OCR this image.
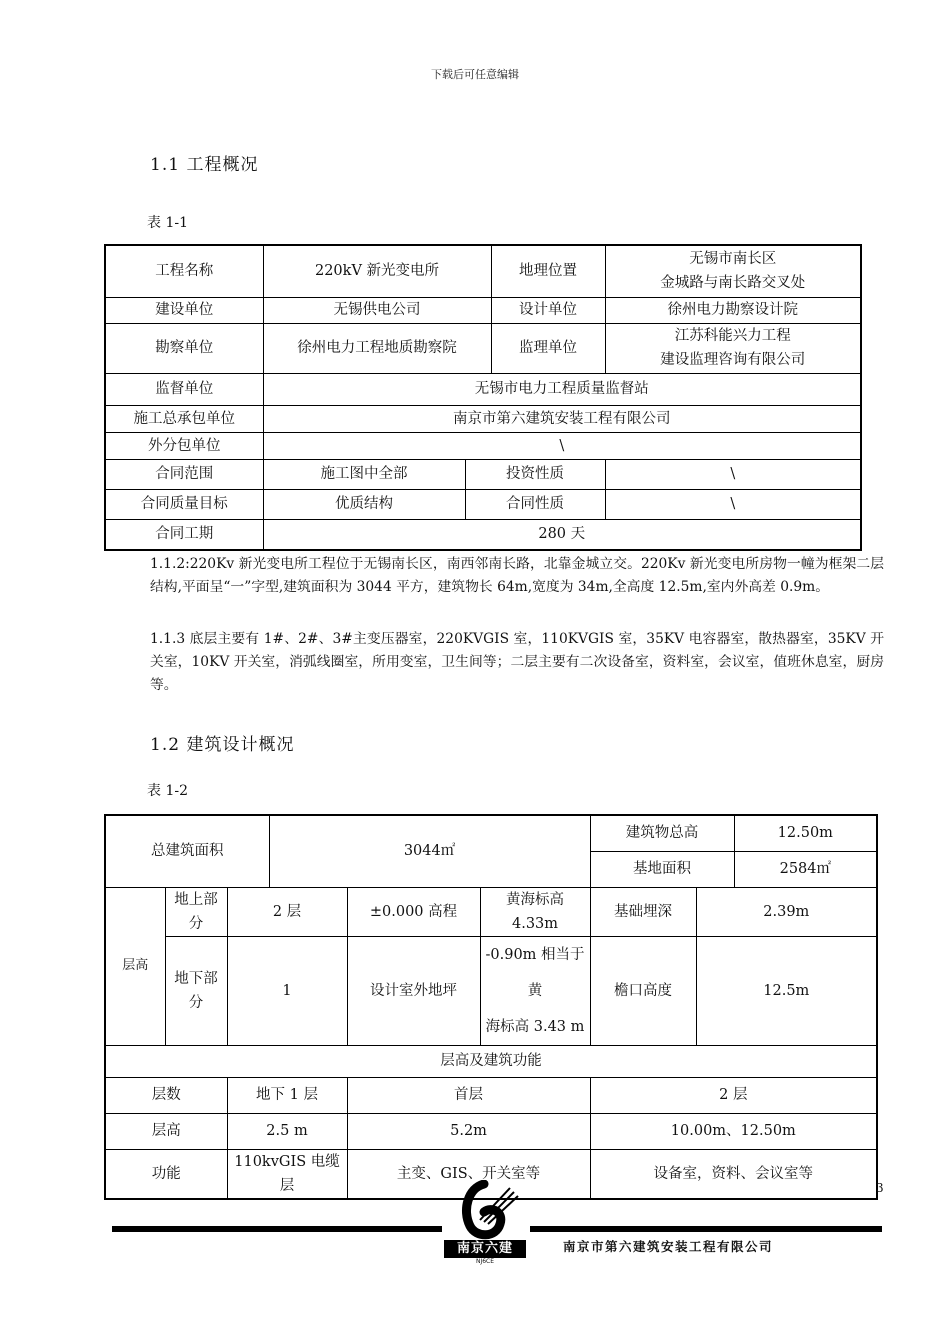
下载后可任意编辑
1.1 工程概况
表 1-1
工程名称	220kV 新光变电所		地理位置	无锡市南长区
金城路与南长路交叉处

建设单位	无锡供电公司		设计单位	徐州电力勘察设计院
勘察单位	徐州电力工程地质勘察院		监理单位	江苏科能兴力工程
建设监理咨询有限公司

监督单位	无锡市电力工程质量监督站			
施工总承包单位	南京市第六建筑安装工程有限公司			
外分包单位	\			
合同范围	施工图中全部	投资性质		\
合同质量目标	优质结构	合同性质		\
合同工期	280 天			
1.1.2:220Kv 新光变电所工程位于无锡南长区，南西邻南长路，北靠金城立交。220Kv 新光变电所房物一幢为框架二层结构,平面呈“一”字型,建筑面积为 3044 平方，建筑物长 64m,宽度为 34m,全高度 12.5m,室内外高差 0.9m。
1.1.3 底层主要有 1#、2#、3#主变压器室，220KVGIS 室，110KVGIS 室，35KV 电容器室，散热器室，35KV 开关室，10KV 开关室，消弧线圈室，所用变室，卫生间等；二层主要有二次设备室，资料室，会议室，值班休息室，厨房等。
1.2 建筑设计概况
表 1-2
总建筑面积			3044㎡			建筑物总高		12.50m
						基地面积		2584㎡
层高	地上部分	2 层		±0.000 高程	黄海标高 4.33m	基础埋深	2.39m	
	地下部分	1		设计室外地坪	-0.90m 相当于黄
海标高 3.43 m	檐口高度	12.5m	
层高及建筑功能								
层数		地下 1 层		首层		2 层		
层高		2.5 m		5.2m		10.00m、12.50m		
功能		110kvGIS 电缆层		主变、GIS、开关室等		设备室，资料、会议室等		
3
南京六建
NJ6CE
南京市第六建筑安装工程有限公司
